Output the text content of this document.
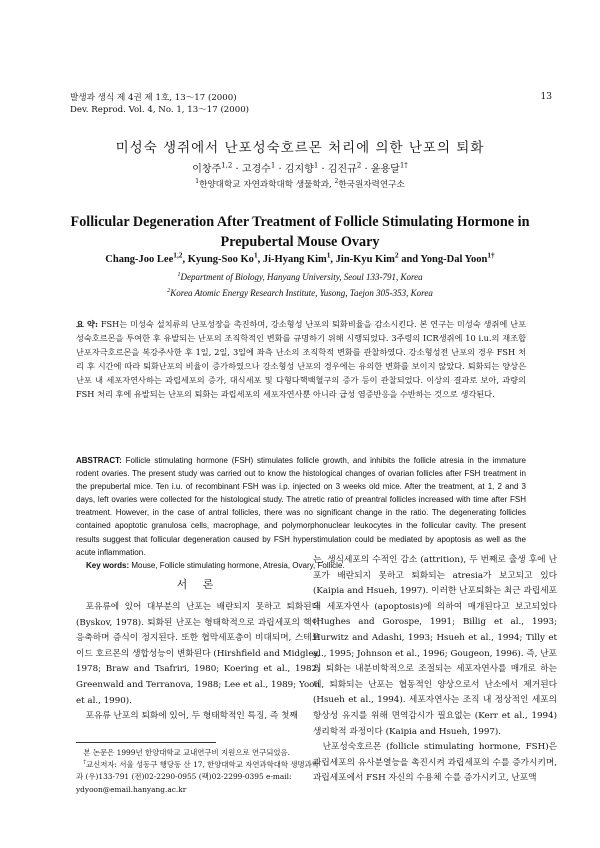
발생과 생식 제 4권 제 1호, 13～17 (2000)
Dev. Reprod. Vol. 4, No. 1, 13～17 (2000)
13
미성숙 생쥐에서 난포성숙호르몬 처리에 의한 난포의 퇴화
이창주$^{1,2}$ · 고경수$^1$ · 김지향$^1$ · 김진규$^2$ · 윤용달$^{1\dagger}$
$^1$한양대학교 자연과학대학 생물학과, $^2$한국원자력연구소
Follicular Degeneration After Treatment of Follicle Stimulating Hormone in Prepubertal Mouse Ovary
Chang-Joo Lee$^{1,2}$, Kyung-Soo Ko$^1$, Ji-Hyang Kim$^1$, Jin-Kyu Kim$^2$ and Yong-Dal Yoon$^{1\dagger}$
$^1$Department of Biology, Hanyang University, Seoul 133-791, Korea
$^2$Korea Atomic Energy Research Institute, Yusong, Taejon 305-353, Korea
요 약: FSH는 미성숙 설치류의 난포성장을 촉진하며, 강소형성 난포의 퇴화비율을 감소시킨다. 본 연구는 미성숙 생쥐에 난포성숙호르몬을 투여한 후 유발되는 난포의 조직학적인 변화를 규명하기 위해 시행되었다. 3주령의 ICR생쥐에 10 i.u.의 재조합 난포자극호르몬을 복강주사한 후 1일, 2일, 3일에 좌측 난소의 조직학적 변화를 관찰하였다. 강소형성전 난포의 경우 FSH 처리 후 시간에 따라 퇴화난포의 비율이 증가하였으나 강소형성 난포의 경우에는 유의한 변화를 보이지 않았다. 퇴화되는 양상은 난포 내 세포자연사하는 과립세포의 증가, 대식세포 및 다형다핵백혈구의 증가 등이 관찰되었다. 이상의 결과로 보아, 과량의 FSH 처리 후에 유발되는 난포의 퇴화는 과립세포의 세포자연사뿐 아니라 급성 염증반응을 수반하는 것으로 생각된다.
ABSTRACT: Follicle stimulating hormone (FSH) stimulates follicle growth, and inhibits the follicle atresia in the immature rodent ovaries. The present study was carried out to know the histological changes of ovarian follicles after FSH treatment in the prepubertal mice. Ten i.u. of recombinant FSH was i.p. injected on 3 weeks old mice. After the treatment, at 1, 2 and 3 days, left ovaries were collected for the histological study. The atretic ratio of preantral follicles increased with time after FSH treatment. However, in the case of antral follicles, there was no significant change in the ratio. The degenerating follicles contained apoptotic granulosa cells, macrophage, and polymorphonuclear leukocytes in the follicular cavity. The present results suggest that follicular degeneration caused by FSH hyperstimulation could be mediated by apoptosis as well as the acute inflammation.
Key words: Mouse, Follicle stimulating hormone, Atresia, Ovary, Follicle.
서 론

포유류에 있어 대부분의 난포는 배란되지 못하고 퇴화된다 (Byskov, 1978). 퇴화된 난포는 형태학적으로 과립세포의 핵이 응축하며 증식이 정지된다. 또한 협막세포층이 비대되며, 스테로이드 호르몬의 생합성능이 변화된다 (Hirshfield and Midgley, 1978; Braw and Tsafriri, 1980; Koering et al., 1982; Greenwald and Terranova, 1988; Lee et al., 1989; Yoon et al., 1990).

포유류 난포의 퇴화에 있어, 두 형태학적인 특징, 즉 첫째

는, 생식세포의 수적인 감소 (attrition), 두 번째로 출생 후에 난포가 배란되지 못하고 퇴화되는 atresia가 보고되고 있다 (Kaipia and Hsueh, 1997). 이러한 난포퇴화는 최근 과립세포의 세포자연사 (apoptosis)에 의하여 매개된다고 보고되었다 (Hughes and Gorospe, 1991; Billig et al., 1993; Hurwitz and Adashi, 1993; Hsueh et al., 1994; Tilly et al., 1995; Johnson et al., 1996; Gougeon, 1996). 즉, 난포의 퇴화는 내분비학적으로 조절되는 세포자연사를 매개로 하는데, 퇴화되는 난포는 협동적인 양상으로서 난소에서 제거된다 (Hsueh et al., 1994). 세포자연사는 조직 내 정상적인 세포의 항상성 유지를 위해 면역감시가 필요없는 (Kerr et al., 1994) 생리학적 과정이다 (Kaipia and Hsueh, 1997).

난포성숙호르몬 (follicle stimulating hormone, FSH)은 과립세포의 유사분열능을 촉진시켜 과립세포의 수를 증가시키며, 과립세포에서 FSH 자신의 수용체 수를 증가시키고, 난포액

본 논문은 1999년 한양대학교 교내연구비 지원으로 연구되었음.
†교신저자: 서울 성동구 행당동 산 17, 한양대학교 자연과학대학 생명과학과 (우)133-791 (전)02-2290-0955 (팩)02-2299-0395 e-mail: ydyoon@email.hanyang.ac.kr
